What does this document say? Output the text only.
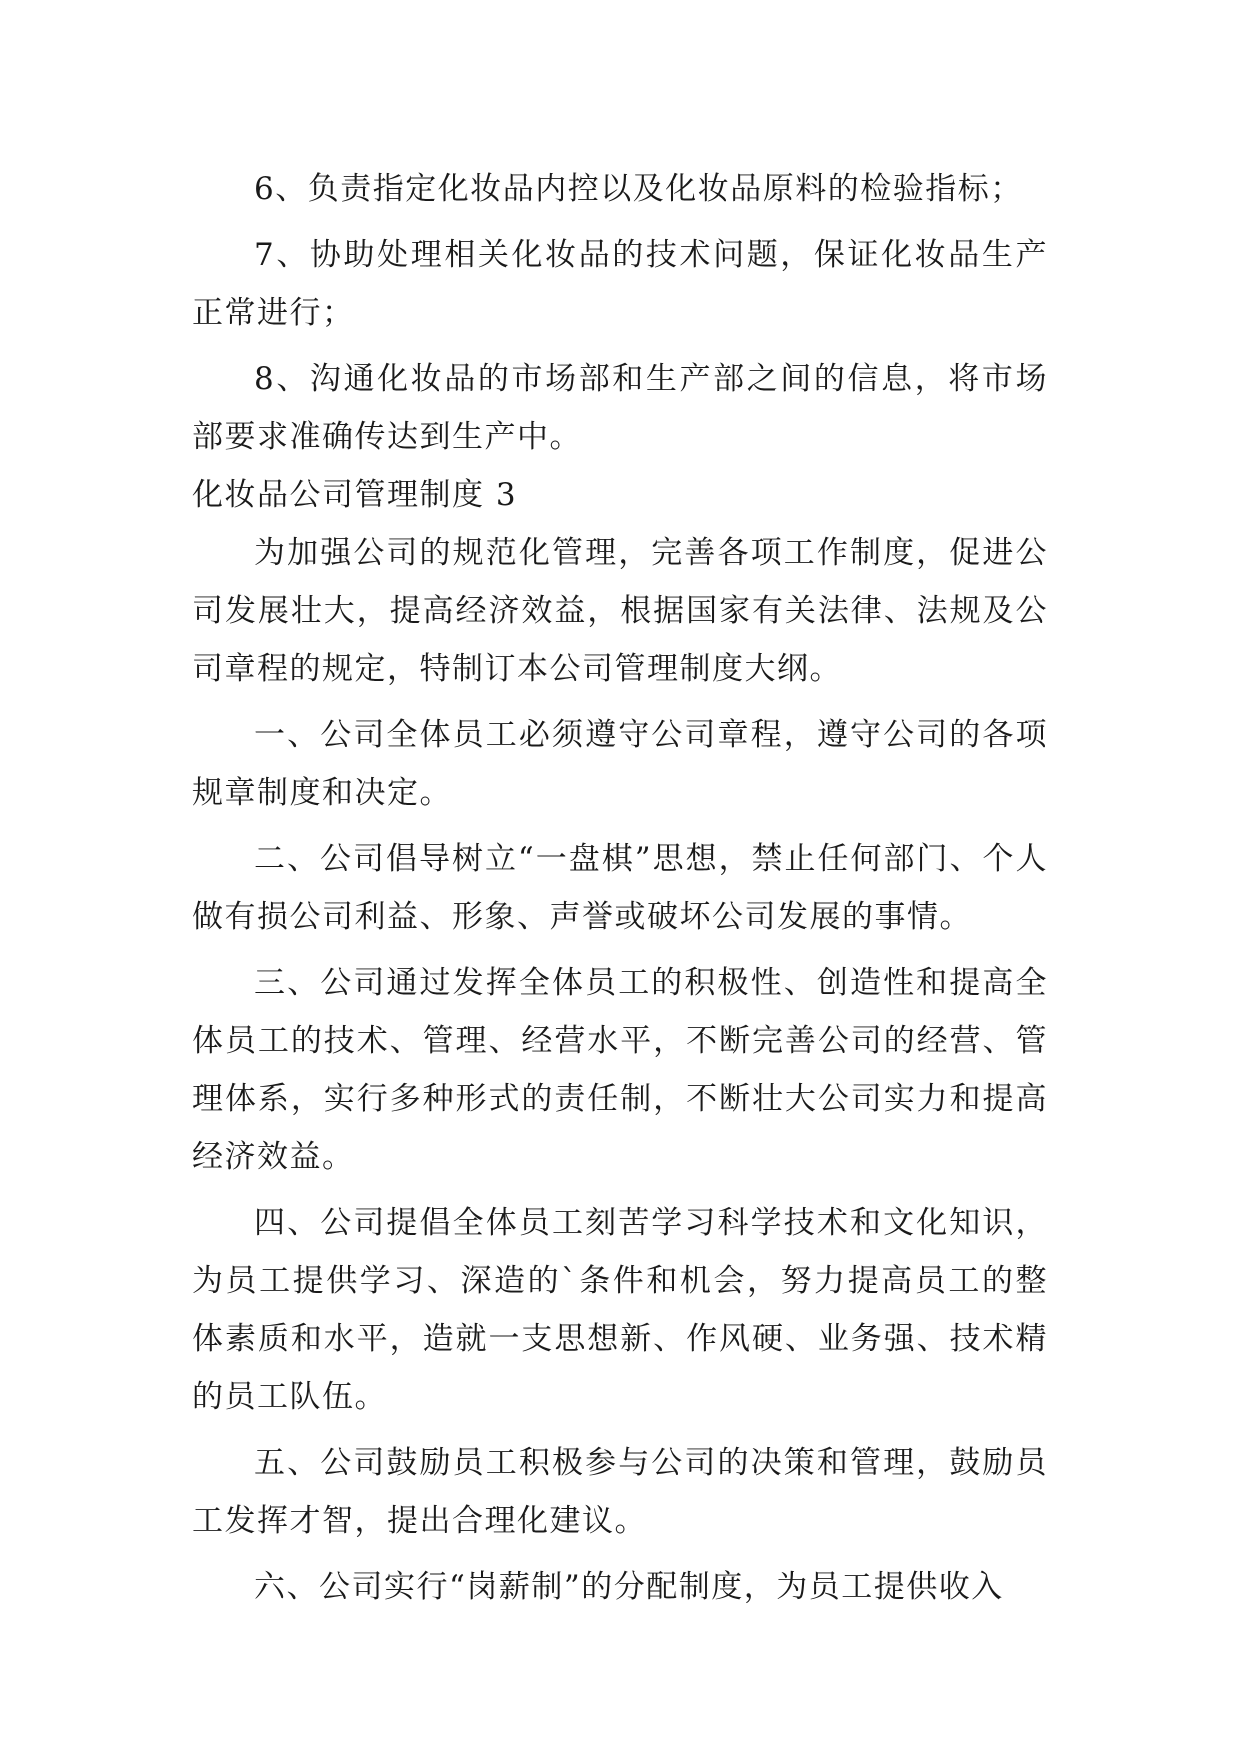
6、负责指定化妆品内控以及化妆品原料的检验指标；

7、协助处理相关化妆品的技术问题，保证化妆品生产正常进行；

8、沟通化妆品的市场部和生产部之间的信息，将市场部要求准确传达到生产中。

化妆品公司管理制度 3

为加强公司的规范化管理，完善各项工作制度，促进公司发展壮大，提高经济效益，根据国家有关法律、法规及公司章程的规定，特制订本公司管理制度大纲。

一、公司全体员工必须遵守公司章程，遵守公司的各项规章制度和决定。

二、公司倡导树立“一盘棋”思想，禁止任何部门、个人做有损公司利益、形象、声誉或破坏公司发展的事情。

三、公司通过发挥全体员工的积极性、创造性和提高全体员工的技术、管理、经营水平，不断完善公司的经营、管理体系，实行多种形式的责任制，不断壮大公司实力和提高经济效益。

四、公司提倡全体员工刻苦学习科学技术和文化知识，为员工提供学习、深造的`条件和机会，努力提高员工的整体素质和水平，造就一支思想新、作风硬、业务强、技术精的员工队伍。

五、公司鼓励员工积极参与公司的决策和管理，鼓励员工发挥才智，提出合理化建议。

六、公司实行“岗薪制”的分配制度，为员工提供收入
